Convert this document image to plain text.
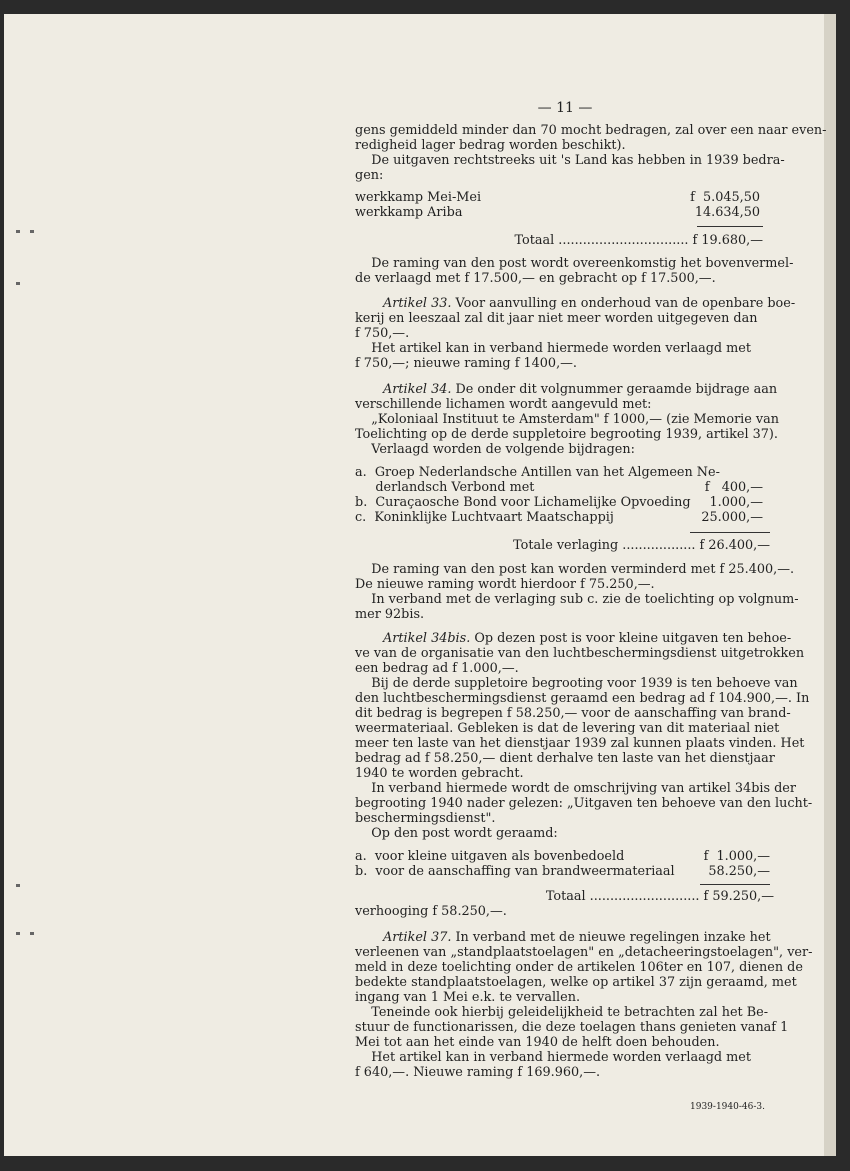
— 11 —
gens gemiddeld minder dan 70 mocht bedragen, zal over een naar even-
redigheid lager bedrag worden beschikt).
De uitgaven rechtstreeks uit 's Land kas hebben in 1939 bedra-
gen:
werkkamp Mei-Mei	f  5.045,50
werkkamp Ariba	14.634,50
Totaal ................................ f 19.680,—
De raming van den post wordt overeenkomstig het bovenvermel-
de verlaagd met f 17.500,— en gebracht op f 17.500,—.
Artikel 33. Voor aanvulling en onderhoud van de openbare boe-
kerij en leeszaal zal dit jaar niet meer worden uitgegeven dan
f 750,—.
Het artikel kan in verband hiermede worden verlaagd met
f 750,—; nieuwe raming f 1400,—.
Artikel 34. De onder dit volgnummer geraamde bijdrage aan
verschillende lichamen wordt aangevuld met:
„Koloniaal Instituut te Amsterdam" f 1000,— (zie Memorie van
Toelichting op de derde suppletoire begrooting 1939, artikel 37).
Verlaagd worden de volgende bijdragen:
a.  Groep Nederlandsche Antillen van het Algemeen Ne-
derlandsch Verbond met	f   400,—
b.  Curaçaosche Bond voor Lichamelijke Opvoeding	1.000,—
c.  Koninklijke Luchtvaart Maatschappij	25.000,—
Totale verlaging .................. f 26.400,—
De raming van den post kan worden verminderd met f 25.400,—.
De nieuwe raming wordt hierdoor f 75.250,—.
In verband met de verlaging sub c. zie de toelichting op volgnum-
mer 92bis.
Artikel 34bis. Op dezen post is voor kleine uitgaven ten behoe-
ve van de organisatie van den luchtbeschermingsdienst uitgetrokken
een bedrag ad f 1.000,—.
Bij de derde suppletoire begrooting voor 1939 is ten behoeve van
den luchtbeschermingsdienst geraamd een bedrag ad f 104.900,—. In
dit bedrag is begrepen f 58.250,— voor de aanschaffing van brand-
weermateriaal. Gebleken is dat de levering van dit materiaal niet
meer ten laste van het dienstjaar 1939 zal kunnen plaats vinden. Het
bedrag ad f 58.250,— dient derhalve ten laste van het dienstjaar
1940 te worden gebracht.
In verband hiermede wordt de omschrijving van artikel 34bis der
begrooting 1940 nader gelezen: „Uitgaven ten behoeve van den lucht-
beschermingsdienst".
Op den post wordt geraamd:
a.  voor kleine uitgaven als bovenbedoeld	f  1.000,—
b.  voor de aanschaffing van brandweermateriaal	58.250,—
Totaal ........................... f 59.250,—
verhooging f 58.250,—.
Artikel 37. In verband met de nieuwe regelingen inzake het
verleenen van „standplaatstoelagen" en „detacheeringstoelagen", ver-
meld in deze toelichting onder de artikelen 106ter en 107, dienen de
bedekte standplaatstoelagen, welke op artikel 37 zijn geraamd, met
ingang van 1 Mei e.k. te vervallen.
Teneinde ook hierbij geleidelijkheid te betrachten zal het Be-
stuur de functionarissen, die deze toelagen thans genieten vanaf 1
Mei tot aan het einde van 1940 de helft doen behouden.
Het artikel kan in verband hiermede worden verlaagd met
f 640,—. Nieuwe raming f 169.960,—.
1939-1940-46-3.
